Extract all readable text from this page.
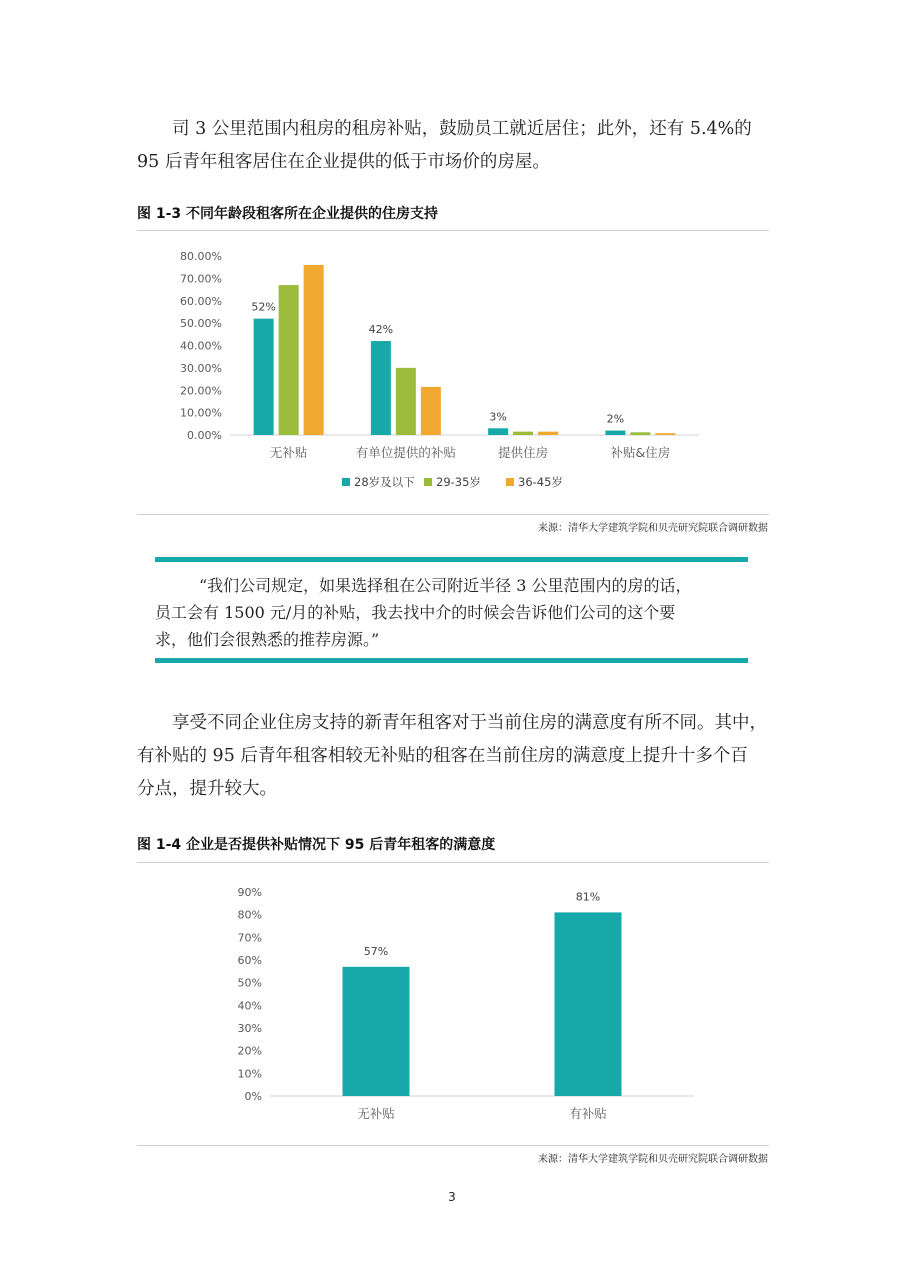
司 3 公里范围内租房的租房补贴，鼓励员工就近居住；此外，还有 5.4%的
95 后青年租客居住在企业提供的低于市场价的房屋。

图 1-3 不同年龄段租客所在企业提供的住房支持

0.00%
10.00%
20.00%
30.00%
40.00%
50.00%
60.00%
70.00%
80.00%
无补贴	有单位提供的补贴	提供住房	补贴&住房
52%
42%
3%	2%
28岁及以下 29-35岁	36-45岁
来源：清华大学建筑学院和贝壳研究院联合调研数据

“我们公司规定，如果选择租在公司附近半径 3 公里范围内的房的话，
员工会有 1500 元/月的补贴，我去找中介的时候会告诉他们公司的这个要
求，他们会很熟悉的推荐房源。”

享受不同企业住房支持的新青年租客对于当前住房的满意度有所不同。其中，
有补贴的 95 后青年租客相较无补贴的租客在当前住房的满意度上提升十多个百
分点，提升较大。

图 1-4 企业是否提供补贴情况下 95 后青年租客的满意度

0%
10%
20%
30%
40%
50%
60%
70%
80%
90%
57%
无补贴
81%
有补贴
来源：清华大学建筑学院和贝壳研究院联合调研数据
3
